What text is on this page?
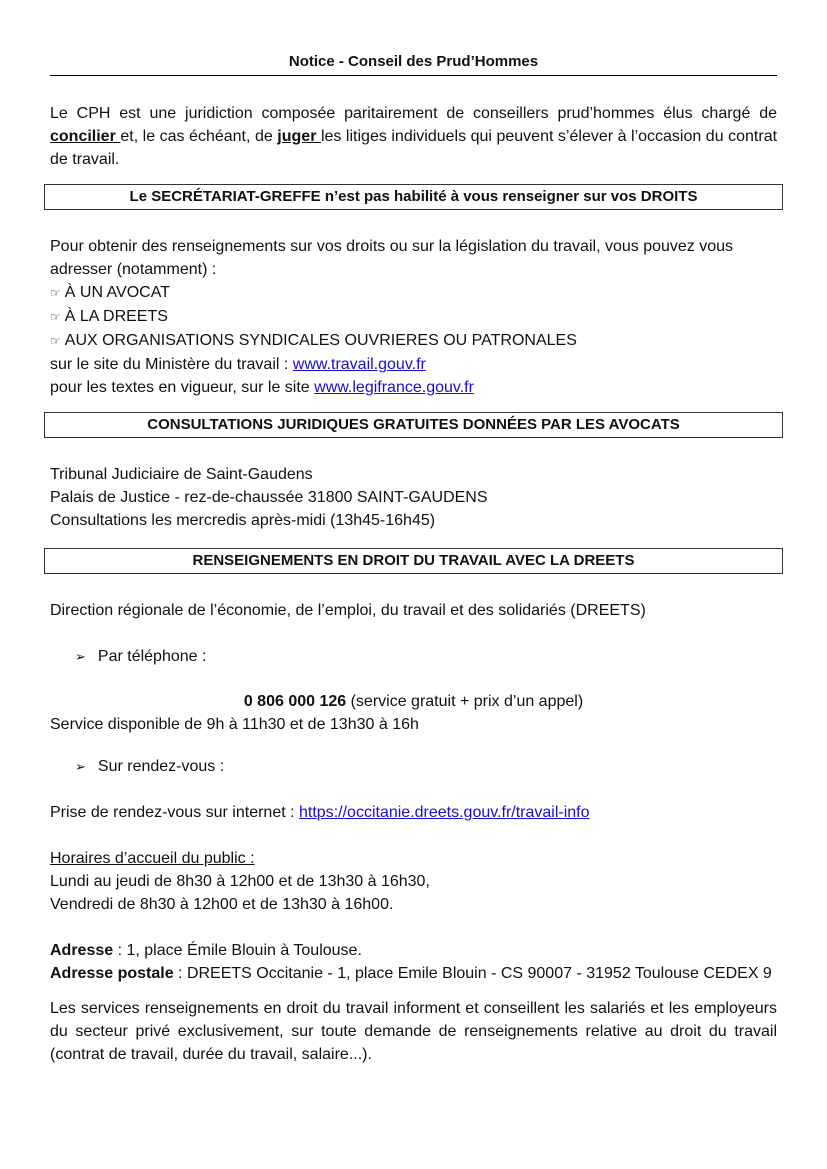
Notice - Conseil des Prud’Hommes

Le CPH est une juridiction composée paritairement de conseillers prud’hommes élus chargé de concilier et, le cas échéant, de juger les litiges individuels qui peuvent s’élever à l’occasion du contrat de travail.

Le SECRÉTARIAT-GREFFE n’est pas habilité à vous renseigner sur vos DROITS

Pour obtenir des renseignements sur vos droits ou sur la législation du travail, vous pouvez vous adresser (notamment) :

☞ À UN AVOCAT
☞ À LA DREETS
☞ AUX ORGANISATIONS SYNDICALES OUVRIERES OU PATRONALES
sur le site du Ministère du travail : www.travail.gouv.fr
pour les textes en vigueur, sur le site www.legifrance.gouv.fr
CONSULTATIONS JURIDIQUES GRATUITES DONNÉES PAR LES AVOCATS
Tribunal Judiciaire de Saint-Gaudens
Palais de Justice - rez-de-chaussée 31800 SAINT-GAUDENS
Consultations les mercredis après-midi (13h45-16h45)
RENSEIGNEMENTS EN DROIT DU TRAVAIL AVEC LA DREETS
Direction régionale de l’économie, de l’emploi, du travail et des solidariés (DREETS)
➢ Par téléphone :
0 806 000 126 (service gratuit + prix d’un appel)
Service disponible de 9h à 11h30 et de 13h30 à 16h
➢ Sur rendez-vous :
Prise de rendez-vous sur internet : https://occitanie.dreets.gouv.fr/travail-info
Horaires d’accueil du public :
Lundi au jeudi de 8h30 à 12h00 et de 13h30 à 16h30,
Vendredi de 8h30 à 12h00 et de 13h30 à 16h00.
Adresse : 1, place Émile Blouin à Toulouse.
Adresse postale : DREETS Occitanie - 1, place Emile Blouin - CS 90007 - 31952 Toulouse CEDEX 9

Les services renseignements en droit du travail informent et conseillent les salariés et les employeurs du secteur privé exclusivement, sur toute demande de renseignements relative au droit du travail (contrat de travail, durée du travail, salaire...).
